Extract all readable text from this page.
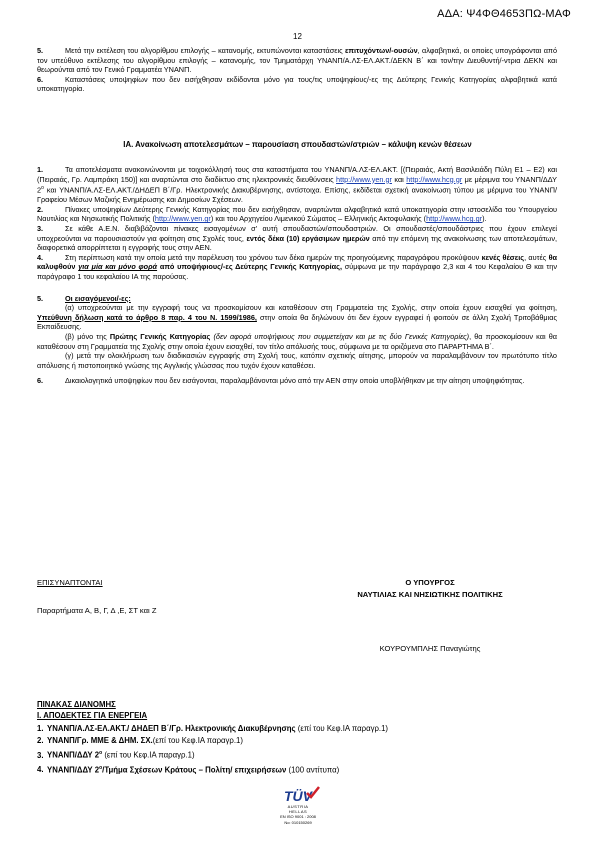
ΑΔΑ: Ψ4ΦΘ4653ΠΩ-ΜΑΦ
12

5.	Μετά την εκτέλεση του αλγορίθμου επιλογής – κατανομής, εκτυπώνονται καταστάσεις επιτυχόντων/-ουσών, αλφαβητικά, οι οποίες υπογράφονται από τον υπεύθυνο εκτέλεσης του αλγορίθμου επιλογής – κατανομής, τον Τμηματάρχη ΥΝΑΝΠ/Α.ΛΣ-ΕΛ.ΑΚΤ./ΔΕΚΝ Β΄ και τον/την Διευθυντή/-ντρια ΔΕΚΝ και θεωρούνται από τον Γενικό Γραμματέα ΥΝΑΝΠ.

6.	Καταστάσεις υποψηφίων που δεν εισήχθησαν εκδίδονται μόνο για τους/τις υποψηφίους/-ες της Δεύτερης Γενικής Κατηγορίας αλφαβητικά κατά υποκατηγορία.

ΙΑ. Ανακοίνωση αποτελεσμάτων – παρουσίαση σπουδαστών/στριών – κάλυψη κενών θέσεων

1.	Τα αποτελέσματα ανακοινώνονται με τοιχοκόλλησή τους στα καταστήματα του ΥΝΑΝΠ/Α.ΛΣ-ΕΛ.ΑΚΤ. [(Πειραιάς, Ακτή Βασιλειάδη Πύλη Ε1 – Ε2) και (Πειραιάς, Γρ. Λαμπράκη 150)] και αναρτώνται στο διαδίκτυο στις ηλεκτρονικές διευθύνσεις http://www.yen.gr και http://www.hcg.gr με μέριμνα του ΥΝΑΝΠ/ΔΔΥ $2^o$ και ΥΝΑΝΠ/Α.ΛΣ-ΕΛ.ΑΚΤ./ΔΗΔΕΠ Β΄/Γρ. Ηλεκτρονικής Διακυβέρνησης, αντίστοιχα. Επίσης, εκδίδεται σχετική ανακοίνωση τύπου με μέριμνα του ΥΝΑΝΠ/Γραφείου Μέσων Μαζικής Ενημέρωσης και Δημοσίων Σχέσεων.

2.	Πίνακες υποψηφίων Δεύτερης Γενικής Κατηγορίας που δεν εισήχθησαν, αναρτώνται αλφαβητικά κατά υποκατηγορία στην ιστοσελίδα του Υπουργείου Ναυτιλίας και Νησιωτικής Πολιτικής (http://www.yen.gr) και του Αρχηγείου Λιμενικού Σώματος – Ελληνικής Ακτοφυλακής (http://www.hcg.gr).

3.	Σε κάθε Α.Ε.Ν. διαβιβάζονται πίνακες εισαγομένων σ' αυτή σπουδαστών/σπουδαστριών. Οι σπουδαστές/σπουδάστριες που έχουν επιλεγεί υποχρεούνται να παρουσιαστούν για φοίτηση στις Σχολές τους, εντός δέκα (10) εργάσιμων ημερών από την επόμενη της ανακοίνωσης των αποτελεσμάτων, διαφορετικά απορρίπτεται η εγγραφής τους στην ΑΕΝ.

4.	Στη περίπτωση κατά την οποία μετά την παρέλευση του χρόνου των δέκα ημερών της προηγούμενης παραγράφου προκύψουν κενές θέσεις, αυτές θα καλυφθούν για μία και μόνο φορά από υποψήφιους/-ες Δεύτερης Γενικής Κατηγορίας, σύμφωνα με την παράγραφο 2,3 και 4 του Κεφαλαίου Θ και την παράγραφο 1 του κεφαλαίου ΙΑ της παρούσας.

5.	Οι εισαγόμενοι/-ες:

(α) υποχρεούνται με την εγγραφή τους να προσκομίσουν και καταθέσουν στη Γραμματεία της Σχολής, στην οποία έχουν εισαχθεί για φοίτηση, Υπεύθυνη δήλωση κατά το άρθρο 8 παρ. 4 του Ν. 1599/1986, στην οποία θα δηλώνουν ότι δεν έχουν εγγραφεί ή φοιτούν σε άλλη Σχολή Τριτοβάθμιας Εκπαίδευσης.

(β) μόνο της Πρώτης Γενικής Κατηγορίας (δεν αφορά υποψήφιους που συμμετείχαν και με τις δύο Γενικές Κατηγορίες), θα προσκομίσουν και θα καταθέσουν στη Γραμματεία της Σχολής στην οποία έχουν εισαχθεί, τον τίτλο απόλυσής τους, σύμφωνα με τα οριζόμενα στο ΠΑΡΑΡΤΗΜΑ Β΄.

(γ) μετά την ολοκλήρωση των διαδικασιών εγγραφής στη Σχολή τους, κατόπιν σχετικής αίτησης, μπορούν να παραλαμβάνουν τον πρωτότυπο τίτλο απόλυσης ή πιστοποιητικό γνώσης της Αγγλικής γλώσσας που τυχόν έχουν καταθέσει.

6.	Δικαιολογητικά υποψηφίων που δεν εισάγονται, παραλαμβάνονται μόνο από την ΑΕΝ στην οποία υποβλήθηκαν με την αίτηση υποψηφιότητας.

ΕΠΙΣΥΝΑΠΤΟΝΤΑΙ
Παραρτήματα Α, Β, Γ, Δ ,Ε, ΣΤ και Ζ
Ο ΥΠΟΥΡΓΟΣ
ΝΑΥΤΙΛΙΑΣ ΚΑΙ ΝΗΣΙΩΤΙΚΗΣ ΠΟΛΙΤΙΚΗΣ
ΚΟΥΡΟΥΜΠΛΗΣ Παναγιώτης
ΠΙΝΑΚΑΣ ΔΙΑΝΟΜΗΣ
Ι. ΑΠΟΔΕΚΤΕΣ ΓΙΑ ΕΝΕΡΓΕΙΑ
1. ΥΝΑΝΠ/Α.ΛΣ-ΕΛ.ΑΚΤ./ ΔΗΔΕΠ Β΄/Γρ. Ηλεκτρονικής Διακυβέρνησης (επί του Κεφ.ΙΑ παραγρ.1)
2. ΥΝΑΝΠ/Γρ. ΜΜΕ & ΔΗΜ. ΣΧ.(επί του Κεφ.ΙΑ παραγρ.1)
3. ΥΝΑΝΠ/ΔΔΥ $2^o$ (επί του Κεφ.ΙΑ παραγρ.1)
4. ΥΝΑΝΠ/ΔΔΥ $2^o$/Τμήμα Σχέσεων Κράτους – Πολίτη/ επιχειρήσεων (100 αντίτυπα)
TÜV
AUSTRIA
HELLAS
EN ISO 9001 : 2008
No: 010150269
